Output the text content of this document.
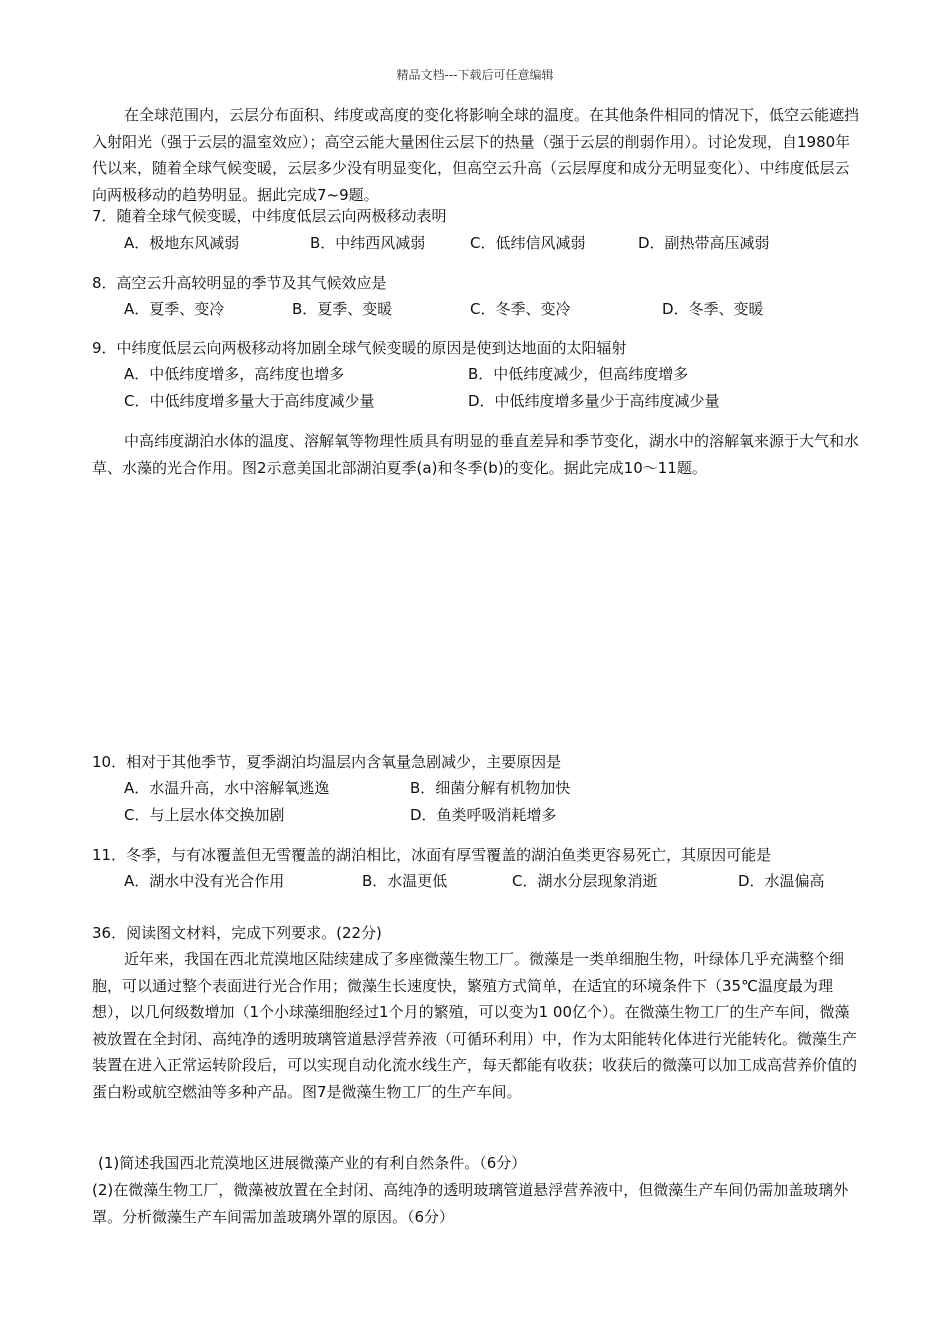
精品文档---下载后可任意编辑
在全球范围内，云层分布面积、纬度或高度的变化将影响全球的温度。在其他条件相同的情况下，低空云能遮挡入射阳光（强于云层的温室效应）；高空云能大量困住云层下的热量（强于云层的削弱作用）。讨论发现，自1980年代以来，随着全球气候变暖，云层多少没有明显变化，但高空云升高（云层厚度和成分无明显变化）、中纬度低层云向两极移动的趋势明显。据此完成7~9题。
7．随着全球气候变暖，中纬度低层云向两极移动表明
A．极地东风减弱	B．中纬西风减弱	C．低纬信风减弱	D．副热带高压减弱
8．高空云升高较明显的季节及其气候效应是
A．夏季、变冷	B．夏季、变暖	C．冬季、变冷	D．冬季、变暖
9．中纬度低层云向两极移动将加剧全球气候变暖的原因是使到达地面的太阳辐射
A．中低纬度增多，高纬度也增多	B．中低纬度减少，但高纬度增多
C．中低纬度增多量大于高纬度减少量	D．中低纬度增多量少于高纬度减少量
中高纬度湖泊水体的温度、溶解氧等物理性质具有明显的垂直差异和季节变化，湖水中的溶解氧来源于大气和水草、水藻的光合作用。图2示意美国北部湖泊夏季(a)和冬季(b)的变化。据此完成10～11题。
10．相对于其他季节，夏季湖泊均温层内含氧量急剧减少，主要原因是
A．水温升高，水中溶解氧逃逸	B．细菌分解有机物加快
C．与上层水体交换加剧	D．鱼类呼吸消耗增多
11．冬季，与有冰覆盖但无雪覆盖的湖泊相比，冰面有厚雪覆盖的湖泊鱼类更容易死亡，其原因可能是
A．湖水中没有光合作用	B．水温更低	C．湖水分层现象消逝	D．水温偏高
36．阅读图文材料，完成下列要求。(22分)
近年来，我国在西北荒漠地区陆续建成了多座微藻生物工厂。微藻是一类单细胞生物，叶绿体几乎充满整个细胞，可以通过整个表面进行光合作用；微藻生长速度快，繁殖方式简单，在适宜的环境条件下（35℃温度最为理想），以几何级数增加（1个小球藻细胞经过1个月的繁殖，可以变为1 00亿个）。在微藻生物工厂的生产车间，微藻被放置在全封闭、高纯净的透明玻璃管道悬浮营养液（可循环利用）中，作为太阳能转化体进行光能转化。微藻生产装置在进入正常运转阶段后，可以实现自动化流水线生产，每天都能有收获；收获后的微藻可以加工成高营养价值的蛋白粉或航空燃油等多种产品。图7是微藻生物工厂的生产车间。
(1)简述我国西北荒漠地区进展微藻产业的有利自然条件。（6分）
(2)在微藻生物工厂，微藻被放置在全封闭、高纯净的透明玻璃管道悬浮营养液中，但微藻生产车间仍需加盖玻璃外罩。分析微藻生产车间需加盖玻璃外罩的原因。（6分）
